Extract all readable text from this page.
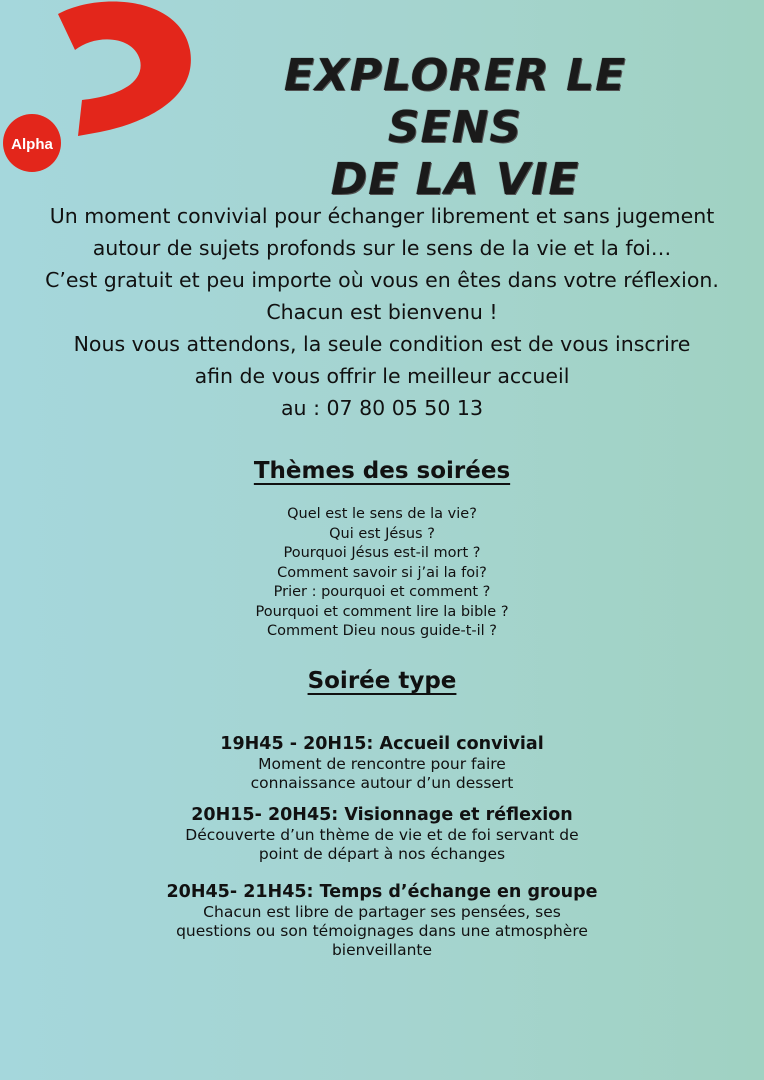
Alpha
EXPLORER LE SENS
DE LA VIE
Un moment convivial pour échanger librement et sans jugement
autour de sujets profonds sur le sens de la vie et la foi…
C’est gratuit et peu importe où vous en êtes dans votre réflexion.
Chacun est bienvenu !
Nous vous attendons, la seule condition est de vous inscrire
afin de vous offrir le meilleur accueil
au : 07 80 05 50 13
Thèmes des soirées
Quel est le sens de la vie?
Qui est Jésus ?
Pourquoi Jésus est-il mort ?
Comment savoir si j’ai la foi?
Prier : pourquoi et comment ?
Pourquoi et comment lire la bible ?
Comment Dieu nous guide-t-il ?
Soirée type
19H45 - 20H15: Accueil convivial
Moment de rencontre pour faire
connaissance autour d’un dessert
20H15- 20H45: Visionnage et réflexion
Découverte d’un thème de vie et de foi servant de
point de départ à nos échanges
20H45- 21H45: Temps d’échange en groupe
Chacun est libre de partager ses pensées, ses
questions ou son témoignages dans une atmosphère
bienveillante
